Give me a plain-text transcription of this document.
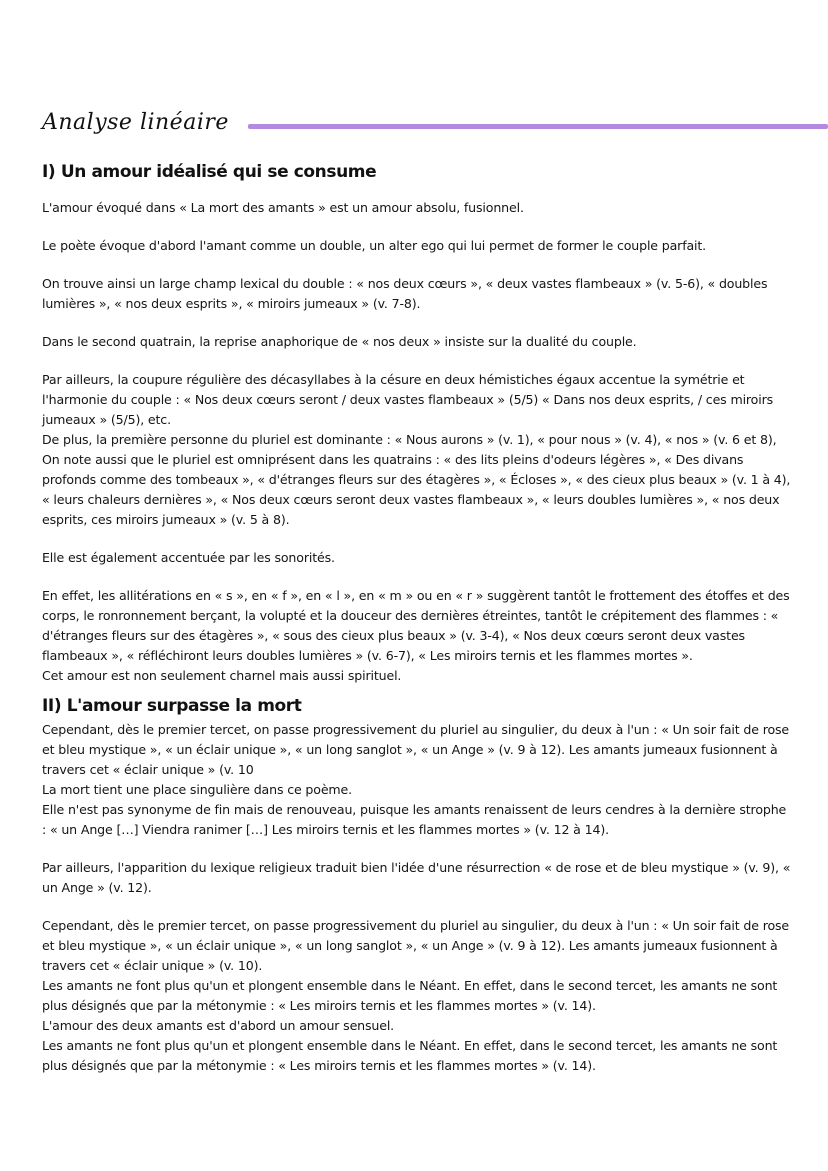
Analyse linéaire
I) Un amour idéalisé qui se consume

L'amour évoqué dans « La mort des amants » est un amour absolu, fusionnel.

Le poète évoque d'abord l'amant comme un double, un alter ego qui lui permet de former le couple parfait.

On trouve ainsi un large champ lexical du double : « nos deux cœurs », « deux vastes flambeaux » (v. 5-6), « doubles lumières », « nos deux esprits », « miroirs jumeaux » (v. 7-8).

Dans le second quatrain, la reprise anaphorique de « nos deux » insiste sur la dualité du couple.

Par ailleurs, la coupure régulière des décasyllabes à la césure en deux hémistiches égaux accentue la symétrie et l'harmonie du couple : « Nos deux cœurs seront / deux vastes flambeaux » (5/5) « Dans nos deux esprits, / ces miroirs jumeaux » (5/5), etc.

De plus, la première personne du pluriel est dominante : « Nous aurons » (v. 1), « pour nous » (v. 4), « nos » (v. 6 et 8),

On note aussi que le pluriel est omniprésent dans les quatrains : « des lits pleins d'odeurs légères », « Des divans profonds comme des tombeaux », « d'étranges fleurs sur des étagères », « Écloses », « des cieux plus beaux » (v. 1 à 4), « leurs chaleurs dernières », « Nos deux cœurs seront deux vastes flambeaux », « leurs doubles lumières », « nos deux esprits, ces miroirs jumeaux » (v. 5 à 8).

Elle est également accentuée par les sonorités.

En effet, les allitérations en « s », en « f », en « l », en « m » ou en « r » suggèrent tantôt le frottement des étoffes et des corps, le ronronnement berçant, la volupté et la douceur des dernières étreintes, tantôt le crépitement des flammes : « d'étranges fleurs sur des étagères », « sous des cieux plus beaux » (v. 3-4), « Nos deux cœurs seront deux vastes flambeaux », « réfléchiront leurs doubles lumières » (v. 6-7), « Les miroirs ternis et les flammes mortes ».

Cet amour est non seulement charnel mais aussi spirituel.

II) L'amour surpasse la mort

Cependant, dès le premier tercet, on passe progressivement du pluriel au singulier, du deux à l'un : « Un soir fait de rose et bleu mystique », « un éclair unique », « un long sanglot », « un Ange » (v. 9 à 12). Les amants jumeaux fusionnent à travers cet « éclair unique » (v. 10

La mort tient une place singulière dans ce poème.

Elle n'est pas synonyme de fin mais de renouveau, puisque les amants renaissent de leurs cendres à la dernière strophe : « un Ange […] Viendra ranimer […] Les miroirs ternis et les flammes mortes » (v. 12 à 14).

Par ailleurs, l'apparition du lexique religieux traduit bien l'idée d'une résurrection « de rose et de bleu mystique » (v. 9), « un Ange » (v. 12).

Cependant, dès le premier tercet, on passe progressivement du pluriel au singulier, du deux à l'un : « Un soir fait de rose et bleu mystique », « un éclair unique », « un long sanglot », « un Ange » (v. 9 à 12). Les amants jumeaux fusionnent à travers cet « éclair unique » (v. 10).

Les amants ne font plus qu'un et plongent ensemble dans le Néant. En effet, dans le second tercet, les amants ne sont plus désignés que par la métonymie : « Les miroirs ternis et les flammes mortes » (v. 14).

L'amour des deux amants est d'abord un amour sensuel.

Les amants ne font plus qu'un et plongent ensemble dans le Néant. En effet, dans le second tercet, les amants ne sont plus désignés que par la métonymie : « Les miroirs ternis et les flammes mortes » (v. 14).
